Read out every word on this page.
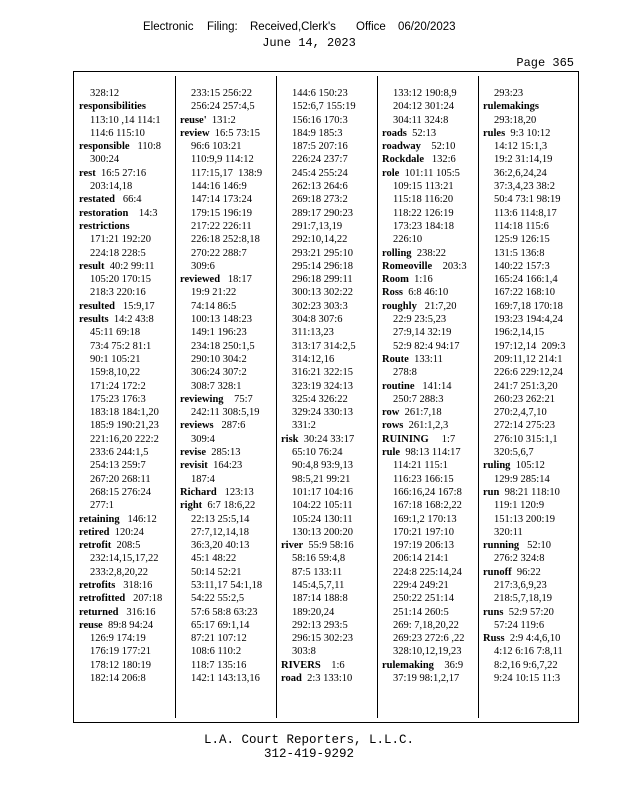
Electronic Filing: Received,Clerk's Office 06/20/2023
June 14, 2023
Page 365
328:12
responsibilities
113:10 ,14 114:1
114:6 115:10
responsible   110:8
300:24
rest  16:5 27:16
203:14,18
restated   66:4
restoration    14:3
restrictions
171:21 192:20
224:18 228:5
result  40:2 99:11
105:20 170:15
218:3 220:16
resulted   15:9,17
results  14:2 43:8
45:11 69:18
73:4 75:2 81:1
90:1 105:21
159:8,10,22
171:24 172:2
175:23 176:3
183:18 184:1,20
185:9 190:21,23
221:16,20 222:2
233:6 244:1,5
254:13 259:7
267:20 268:11
268:15 276:24
277:1
retaining   146:12
retired  120:24
retrofit  208:5
232:14,15,17,22
233:2,8,20,22
retrofits   318:16
retrofitted   207:18
returned   316:16
reuse  89:8 94:24
126:9 174:19
176:19 177:21
178:12 180:19
182:14 206:8
233:15 256:22
256:24 257:4,5
reuse'  131:2
review  16:5 73:15
96:6 103:21
110:9,9 114:12
117:15,17  138:9
144:16 146:9
147:14 173:24
179:15 196:19
217:22 226:11
226:18 252:8,18
270:22 288:7
309:6
reviewed   18:17
19:9 21:22
74:14 86:5
100:13 148:23
149:1 196:23
234:18 250:1,5
290:10 304:2
306:24 307:2
308:7 328:1
reviewing    75:7
242:11 308:5,19
reviews   287:6
309:4
revise  285:13
revisit  164:23
187:4
Richard   123:13
right  6:7 18:6,22
22:13 25:5,14
27:7,12,14,18
36:3,20 40:13
45:1 48:22
50:14 52:21
53:11,17 54:1,18
54:22 55:2,5
57:6 58:8 63:23
65:17 69:1,14
87:21 107:12
108:6 110:2
118:7 135:16
142:1 143:13,16
144:6 150:23
152:6,7 155:19
156:16 170:3
184:9 185:3
187:5 207:16
226:24 237:7
245:4 255:24
262:13 264:6
269:18 273:2
289:17 290:23
291:7,13,19
292:10,14,22
293:21 295:10
295:14 296:18
296:18 299:11
300:13 302:22
302:23 303:3
304:8 307:6
311:13,23
313:17 314:2,5
314:12,16
316:21 322:15
323:19 324:13
325:4 326:22
329:24 330:13
331:2
risk  30:24 33:17
65:10 76:24
90:4,8 93:9,13
98:5,21 99:21
101:17 104:16
104:22 105:11
105:24 130:11
130:13 200:20
river  55:9 58:16
58:16 59:4,8
87:5 133:11
145:4,5,7,11
187:14 188:8
189:20,24
292:13 293:5
296:15 302:23
303:8
RIVERS    1:6
road  2:3 133:10
133:12 190:8,9
204:12 301:24
304:11 324:8
roads  52:13
roadway    52:10
Rockdale   132:6
role  101:11 105:5
109:15 113:21
115:18 116:20
118:22 126:19
173:23 184:18
226:10
rolling  238:22
Romeoville    203:3
Room  1:16
Ross  6:8 46:10
roughly   21:7,20
22:9 23:5,23
27:9,14 32:19
52:9 82:4 94:17
Route  133:11
278:8
routine   141:14
250:7 288:3
row  261:7,18
rows  261:1,2,3
RUINING     1:7
rule  98:13 114:17
114:21 115:1
116:23 166:15
166:16,24 167:8
167:18 168:2,22
169:1,2 170:13
170:21 197:10
197:19 206:13
206:14 214:1
224:8 225:14,24
229:4 249:21
250:22 251:14
251:14 260:5
269: 7,18,20,22
269:23 272:6 ,22
328:10,12,19,23
rulemaking    36:9
37:19 98:1,2,17
293:23
rulemakings
293:18,20
rules  9:3 10:12
14:12 15:1,3
19:2 31:14,19
36:2,6,24,24
37:3,4,23 38:2
50:4 73:1 98:19
113:6 114:8,17
114:18 115:6
125:9 126:15
131:5 136:8
140:22 157:3
165:24 166:1,4
167:22 168:10
169:7,18 170:18
193:23 194:4,24
196:2,14,15
197:12,14  209:3
209:11,12 214:1
226:6 229:12,24
241:7 251:3,20
260:23 262:21
270:2,4,7,10
272:14 275:23
276:10 315:1,1
320:5,6,7
ruling  105:12
129:9 285:14
run  98:21 118:10
119:1 120:9
151:13 200:19
320:11
running   52:10
276:2 324:8
runoff  96:22
217:3,6,9,23
218:5,7,18,19
runs  52:9 57:20
57:24 119:6
Russ  2:9 4:4,6,10
4:12 6:16 7:8,11
8:2,16 9:6,7,22
9:24 10:15 11:3
L.A. Court Reporters, L.L.C.
312-419-9292
